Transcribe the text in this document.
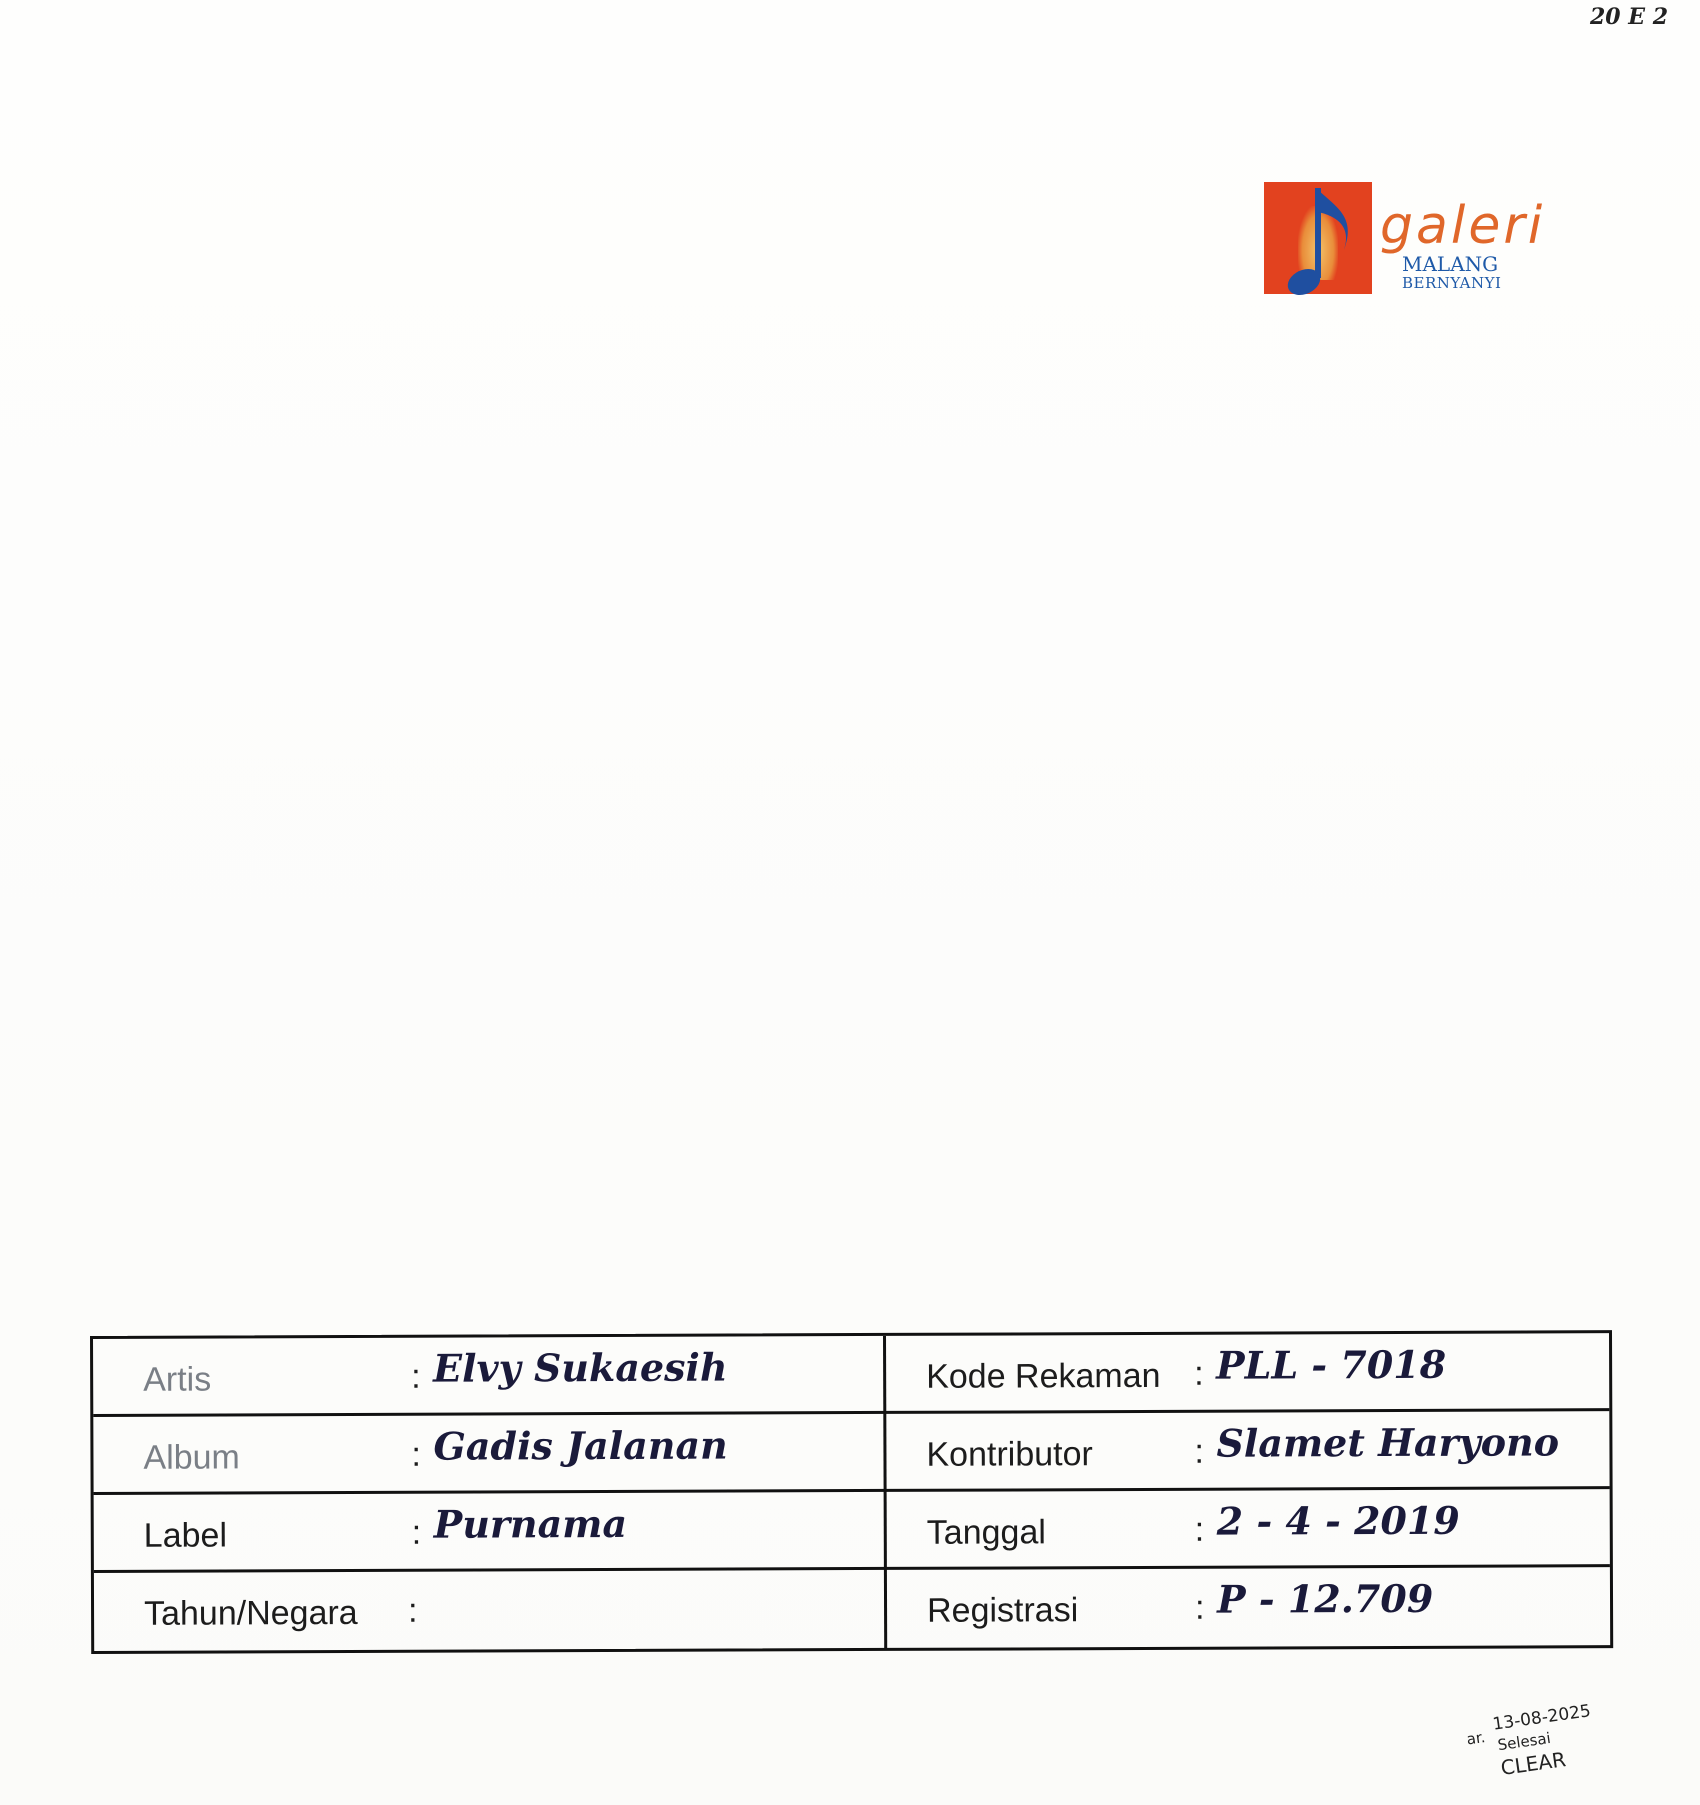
20 E 2
galeri
MALANG
BERNYANYI
Artis	: Elvy Sukaesih
Album	: Gadis Jalanan
Label	: Purnama
Tahun/Negara :
Kode Rekaman : PLL - 7018
Kontributor	: Slamet Haryono
Tanggal	: 2 - 4 - 2019
Registrasi	: P - 12.709
13-08-2025
ar. Selesai
CLEAR
